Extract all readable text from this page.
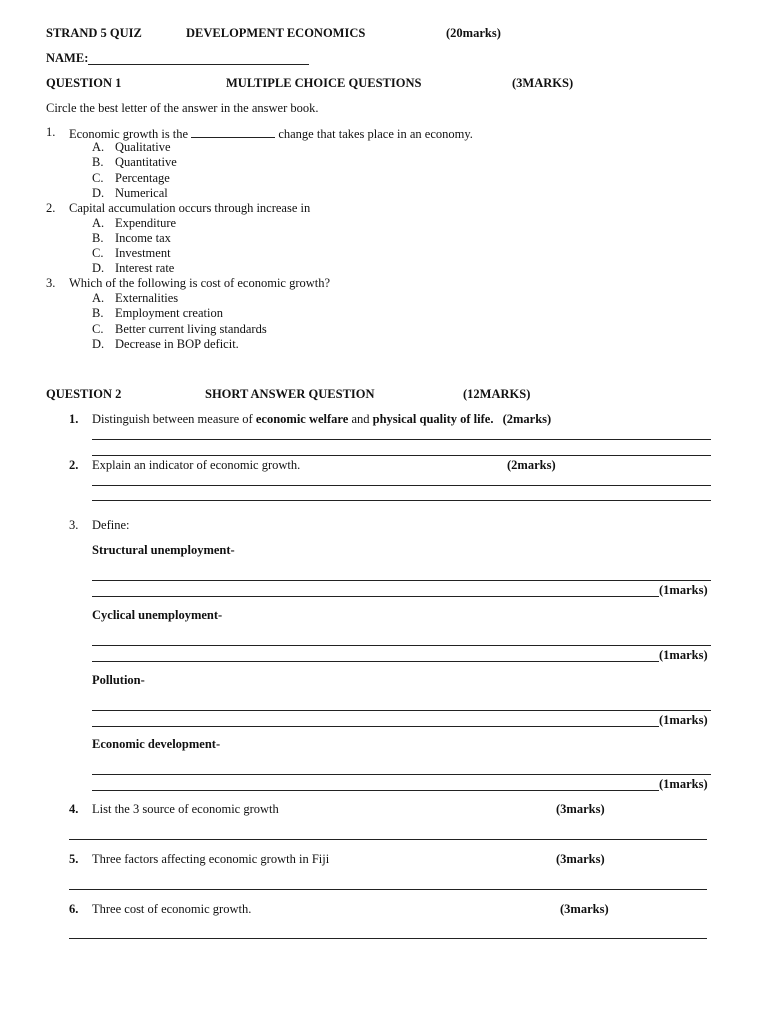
STRAND 5 QUIZ	DEVELOPMENT ECONOMICS	(20marks)
NAME:
QUESTION 1	MULTIPLE CHOICE QUESTIONS	(3MARKS)
Circle the best letter of the answer in the answer book.
1. Economic growth is the	change that takes place in an economy.
A. Qualitative
B. Quantitative
C. Percentage
D. Numerical
2. Capital accumulation occurs through increase in
A. Expenditure
B. Income tax
C. Investment
D. Interest rate
3. Which of the following is cost of economic growth?
A. Externalities
B. Employment creation
C. Better current living standards
D. Decrease in BOP deficit.
QUESTION 2	SHORT ANSWER QUESTION	(12MARKS)
1. Distinguish between measure of economic welfare and physical quality of life. (2marks)
2. Explain an indicator of economic growth.	(2marks)
3. Define:
Structural unemployment-
(1marks)
Cyclical unemployment-
(1marks)
Pollution-
(1marks)
Economic development-
(1marks)
4. List the 3 source of economic growth	(3marks)
5. Three factors affecting economic growth in Fiji	(3marks)
6. Three cost of economic growth.	(3marks)
